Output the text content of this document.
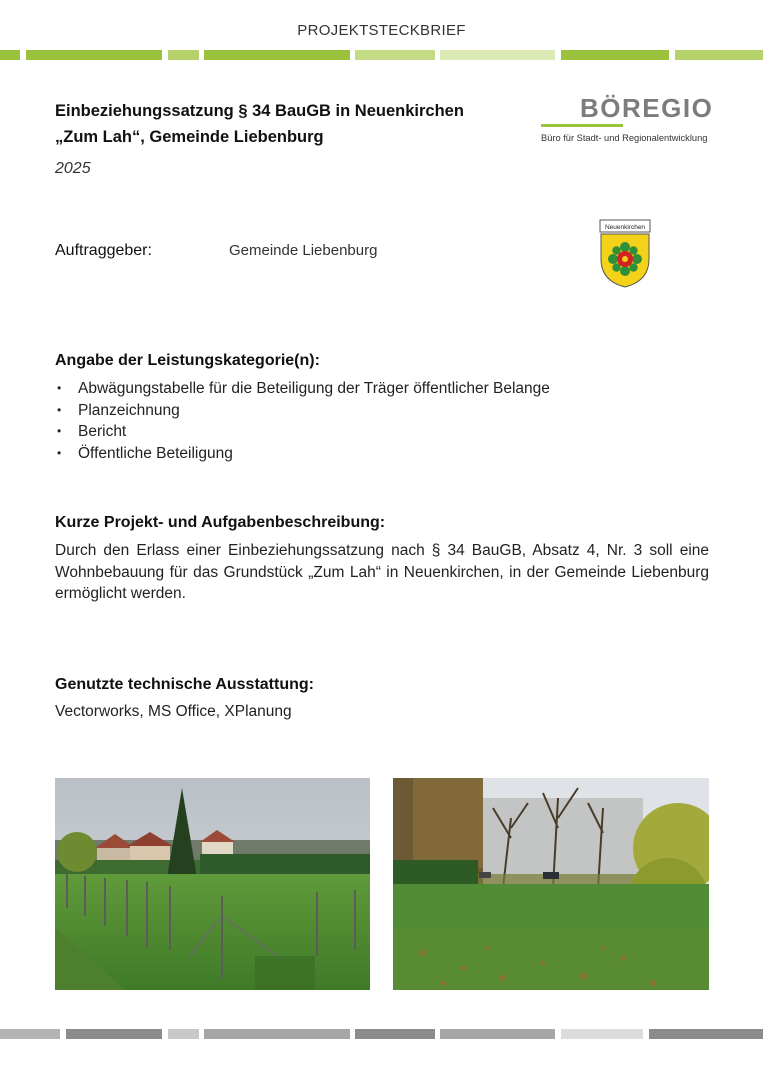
PROJEKTSTECKBRIEF
Einbeziehungssatzung § 34 BauGB in Neuenkirchen
„Zum Lah“, Gemeinde Liebenburg
2025
BÖREGIO
Büro für Stadt- und Regionalentwicklung
Auftraggeber:	Gemeinde Liebenburg
Neuenkirchen
Angabe der Leistungskategorie(n):
• Abwägungstabelle für die Beteiligung der Träger öffentlicher Belange
• Planzeichnung
• Bericht
• Öffentliche Beteiligung
Kurze Projekt- und Aufgabenbeschreibung:
Durch den Erlass einer Einbeziehungssatzung nach § 34 BauGB, Absatz 4, Nr. 3 soll eine Wohnbebauung für das Grundstück „Zum Lah“ in Neuenkirchen, in der Gemeinde Liebenburg ermöglicht werden.
Genutzte technische Ausstattung:
Vectorworks, MS Office, XPlanung
